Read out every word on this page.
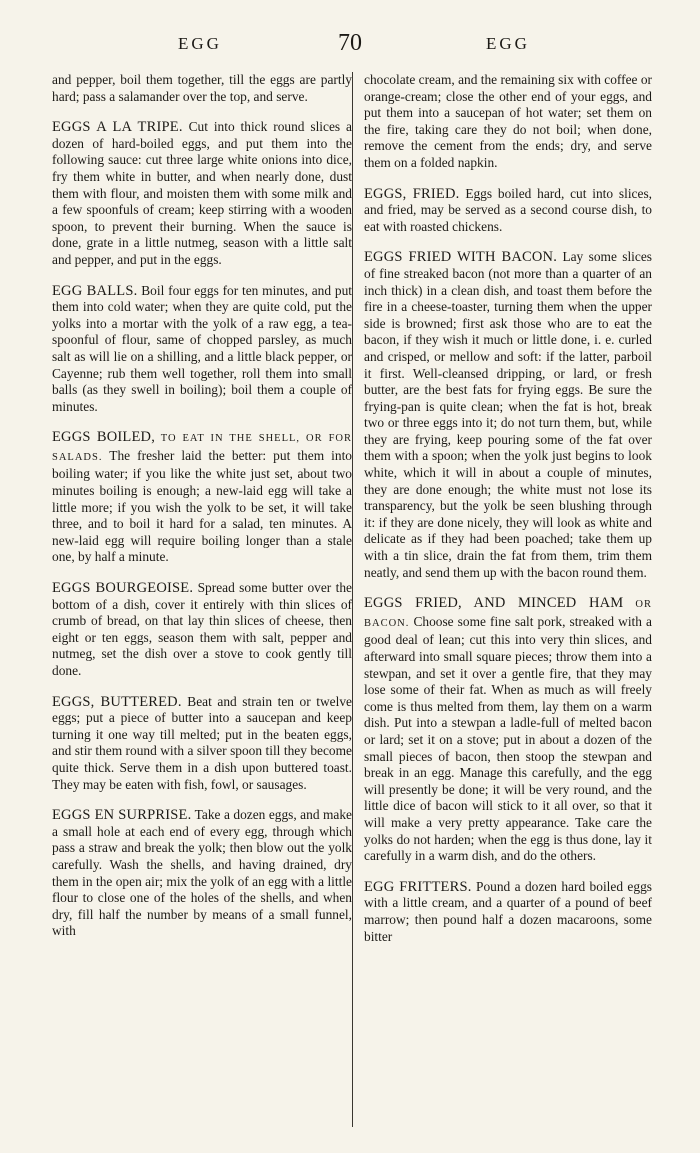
EGG	70	EGG

and pepper, boil them together, till the eggs are partly hard; pass a salamander over the top, and serve.

EGGS A LA TRIPE. Cut into thick round slices a dozen of hard-boiled eggs, and put them into the following sauce: cut three large white onions into dice, fry them white in butter, and when nearly done, dust them with flour, and moisten them with some milk and a few spoonfuls of cream; keep stirring with a wooden spoon, to prevent their burning. When the sauce is done, grate in a little nutmeg, season with a little salt and pepper, and put in the eggs.

EGG BALLS. Boil four eggs for ten minutes, and put them into cold water; when they are quite cold, put the yolks into a mortar with the yolk of a raw egg, a tea-spoonful of flour, same of chopped parsley, as much salt as will lie on a shilling, and a little black pepper, or Cayenne; rub them well together, roll them into small balls (as they swell in boiling); boil them a couple of minutes.

EGGS BOILED, TO EAT IN THE SHELL, OR FOR SALADS. The fresher laid the better: put them into boiling water; if you like the white just set, about two minutes boiling is enough; a new-laid egg will take a little more; if you wish the yolk to be set, it will take three, and to boil it hard for a salad, ten minutes. A new-laid egg will require boiling longer than a stale one, by half a minute.

EGGS BOURGEOISE. Spread some butter over the bottom of a dish, cover it entirely with thin slices of crumb of bread, on that lay thin slices of cheese, then eight or ten eggs, season them with salt, pepper and nutmeg, set the dish over a stove to cook gently till done.

EGGS, BUTTERED. Beat and strain ten or twelve eggs; put a piece of butter into a saucepan and keep turning it one way till melted; put in the beaten eggs, and stir them round with a silver spoon till they become quite thick. Serve them in a dish upon buttered toast. They may be eaten with fish, fowl, or sausages.

EGGS EN SURPRISE. Take a dozen eggs, and make a small hole at each end of every egg, through which pass a straw and break the yolk; then blow out the yolk carefully. Wash the shells, and having drained, dry them in the open air; mix the yolk of an egg with a little flour to close one of the holes of the shells, and when dry, fill half the number by means of a small funnel, with

chocolate cream, and the remaining six with coffee or orange-cream; close the other end of your eggs, and put them into a saucepan of hot water; set them on the fire, taking care they do not boil; when done, remove the cement from the ends; dry, and serve them on a folded napkin.

EGGS, FRIED. Eggs boiled hard, cut into slices, and fried, may be served as a second course dish, to eat with roasted chickens.

EGGS FRIED WITH BACON. Lay some slices of fine streaked bacon (not more than a quarter of an inch thick) in a clean dish, and toast them before the fire in a cheese-toaster, turning them when the upper side is browned; first ask those who are to eat the bacon, if they wish it much or little done, i. e. curled and crisped, or mellow and soft: if the latter, parboil it first. Well-cleansed dripping, or lard, or fresh butter, are the best fats for frying eggs. Be sure the frying-pan is quite clean; when the fat is hot, break two or three eggs into it; do not turn them, but, while they are frying, keep pouring some of the fat over them with a spoon; when the yolk just begins to look white, which it will in about a couple of minutes, they are done enough; the white must not lose its transparency, but the yolk be seen blushing through it: if they are done nicely, they will look as white and delicate as if they had been poached; take them up with a tin slice, drain the fat from them, trim them neatly, and send them up with the bacon round them.

EGGS FRIED, AND MINCED HAM OR BACON. Choose some fine salt pork, streaked with a good deal of lean; cut this into very thin slices, and afterward into small square pieces; throw them into a stewpan, and set it over a gentle fire, that they may lose some of their fat. When as much as will freely come is thus melted from them, lay them on a warm dish. Put into a stewpan a ladle-full of melted bacon or lard; set it on a stove; put in about a dozen of the small pieces of bacon, then stoop the stewpan and break in an egg. Manage this carefully, and the egg will presently be done; it will be very round, and the little dice of bacon will stick to it all over, so that it will make a very pretty appearance. Take care the yolks do not harden; when the egg is thus done, lay it carefully in a warm dish, and do the others.

EGG FRITTERS. Pound a dozen hard boiled eggs with a little cream, and a quarter of a pound of beef marrow; then pound half a dozen macaroons, some bitter
